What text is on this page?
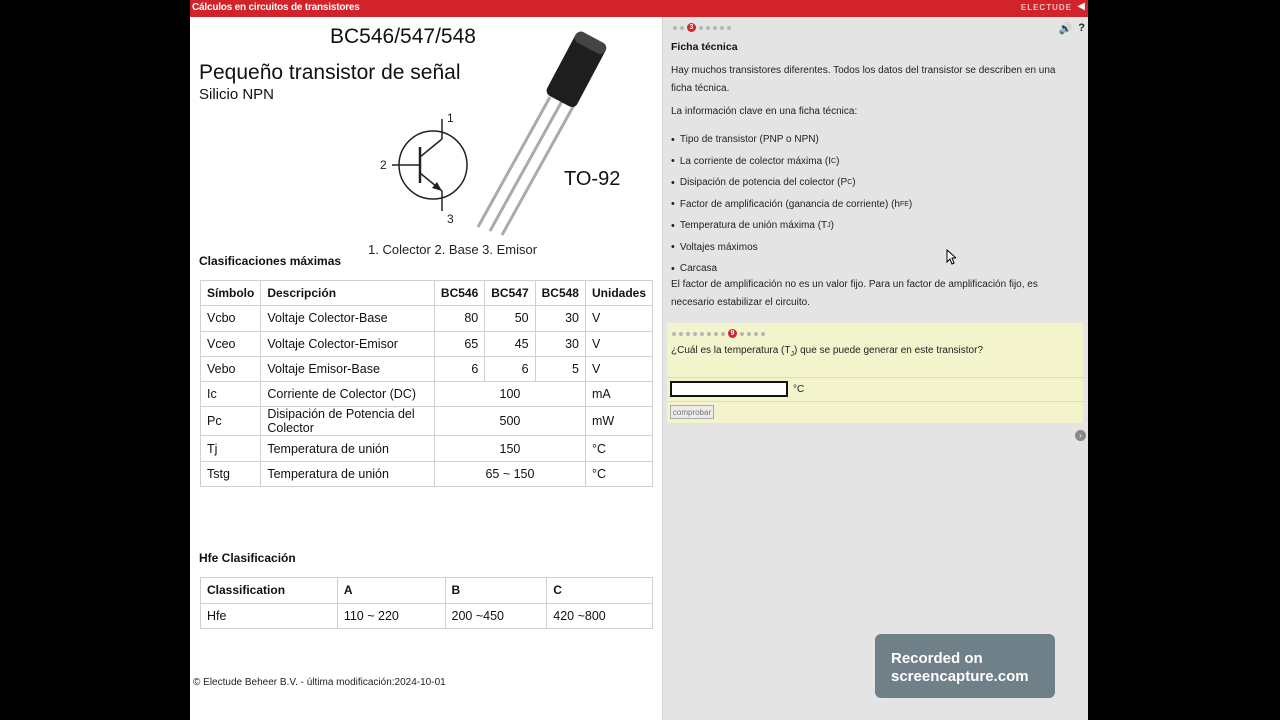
Cálculos en circuitos de transistores	ELECTUDE ◀
BC546/547/548
Pequeño transistor de señal
Silicio NPN
1
2
3
TO-92
1. Colector 2. Base 3. Emisor
Clasificaciones máximas
Símbolo	Descripción	BC546	BC547	BC548	Unidades
Vcbo	Voltaje Colector-Base	80	50	30	V
Vceo	Voltaje Colector-Emisor	65	45	30	V
Vebo	Voltaje Emisor-Base	6	6	5	V
Ic	Corriente de Colector (DC)	100			mA
Pc	Disipación de Potencia del Colector	500			mW
Tj	Temperatura de unión	150			°C
Tstg	Temperatura de unión	65 ~ 150			°C
Hfe Clasificación
Classification	A	B	C
Hfe	110 ~ 220	200 ~450	420 ~800
© Electude Beheer B.V. - última modificación:2024-10-01
3	🔊 ?
Ficha técnica
Hay muchos transistores diferentes. Todos los datos del transistor se describen en una ficha técnica.
La información clave en una ficha técnica:
• Tipo de transistor (PNP o NPN)
• La corriente de colector máxima (I C )
• Disipación de potencia del colector (P C )
• Factor de amplificación (ganancia de corriente) (h FE )
• Temperatura de unión máxima (T J )
• Voltajes máximos
• Carcasa
El factor de amplificación no es un valor fijo. Para un factor de amplificación fijo, es necesario estabilizar el circuito.
9
¿Cuál es la temperatura $(T_J)$ que se puede generar en este transistor?
°C
comprobar
›
Recorded on
screencapture.com
